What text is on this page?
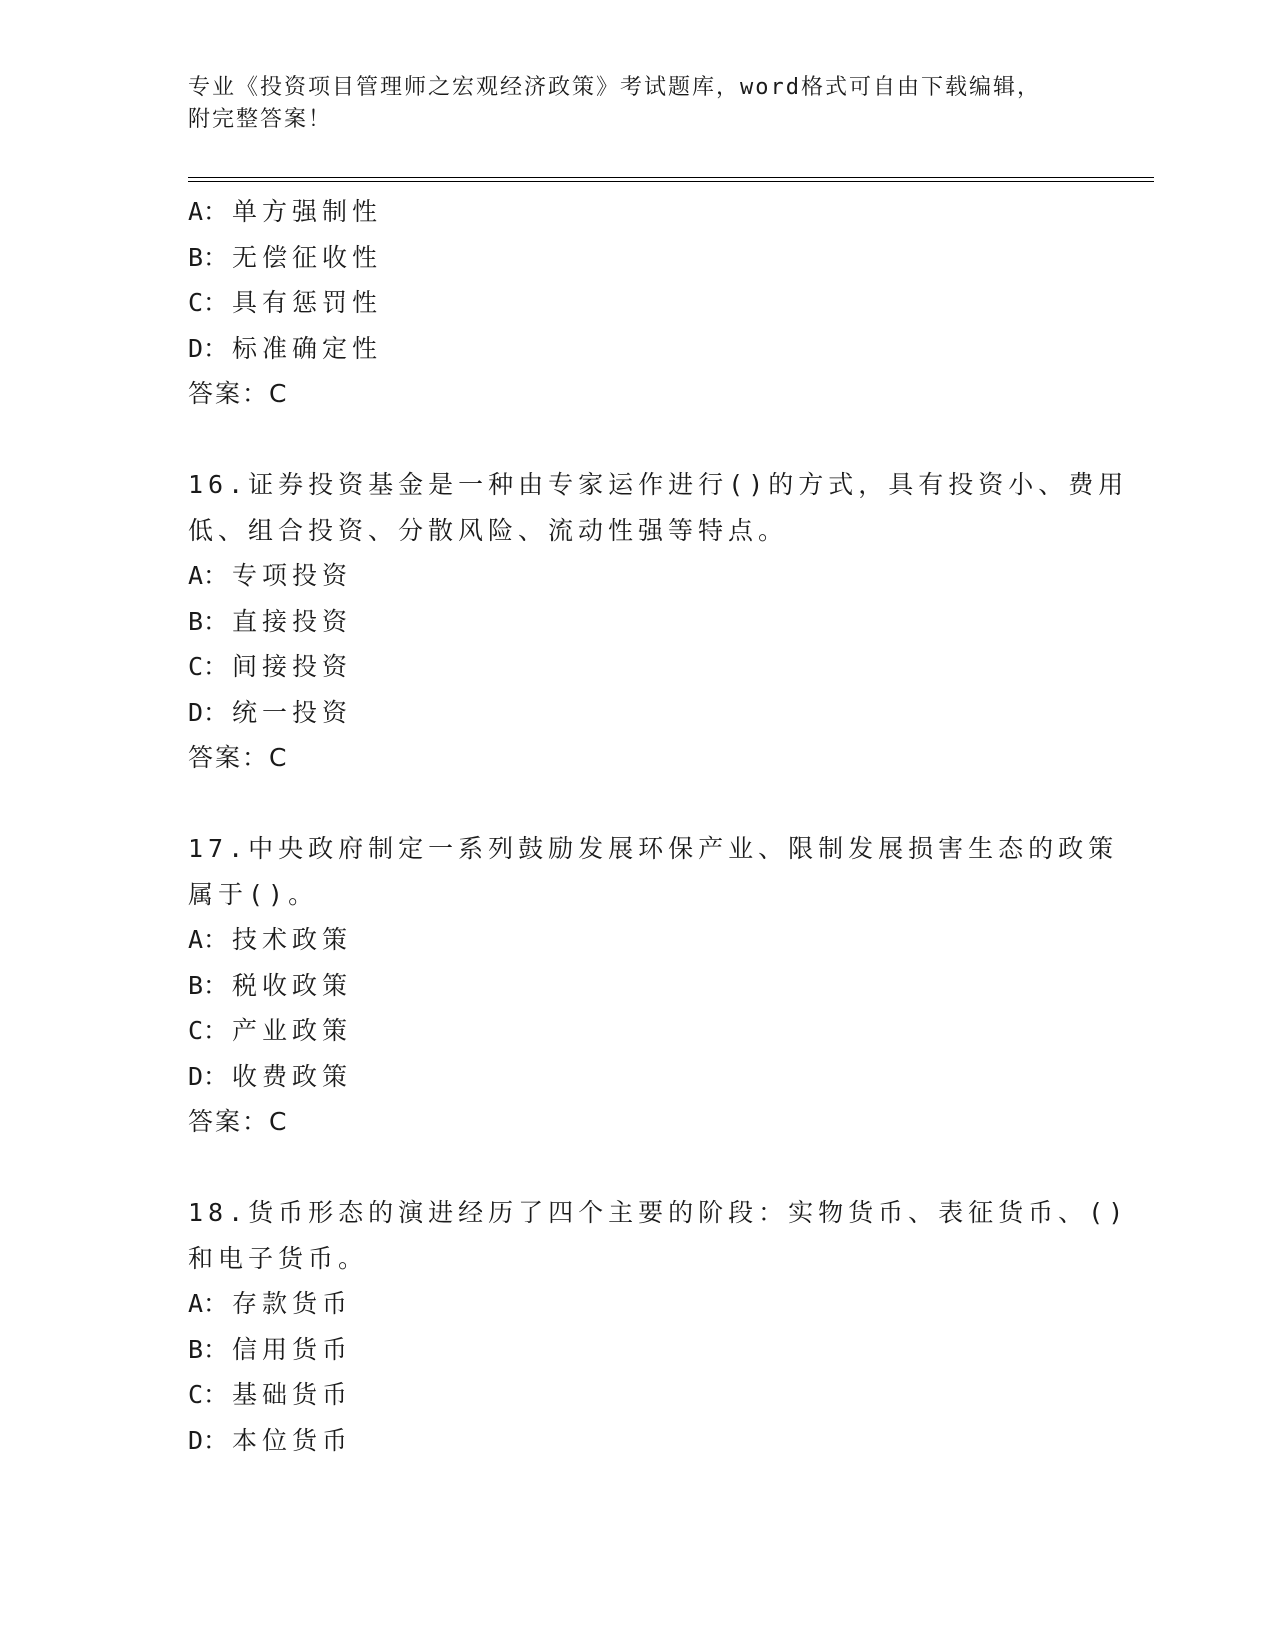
专业《投资项目管理师之宏观经济政策》考试题库，word格式可自由下载编辑，
附完整答案！
A： 单方强制性
B： 无偿征收性
C： 具有惩罚性
D： 标准确定性
答案：C
16.证券投资基金是一种由专家运作进行()的方式，具有投资小、费用
低、组合投资、分散风险、流动性强等特点。
A： 专项投资
B： 直接投资
C： 间接投资
D： 统一投资
答案：C
17.中央政府制定一系列鼓励发展环保产业、限制发展损害生态的政策
属于()。
A： 技术政策
B： 税收政策
C： 产业政策
D： 收费政策
答案：C
18.货币形态的演进经历了四个主要的阶段：实物货币、表征货币、()
和电子货币。
A： 存款货币
B： 信用货币
C： 基础货币
D： 本位货币
